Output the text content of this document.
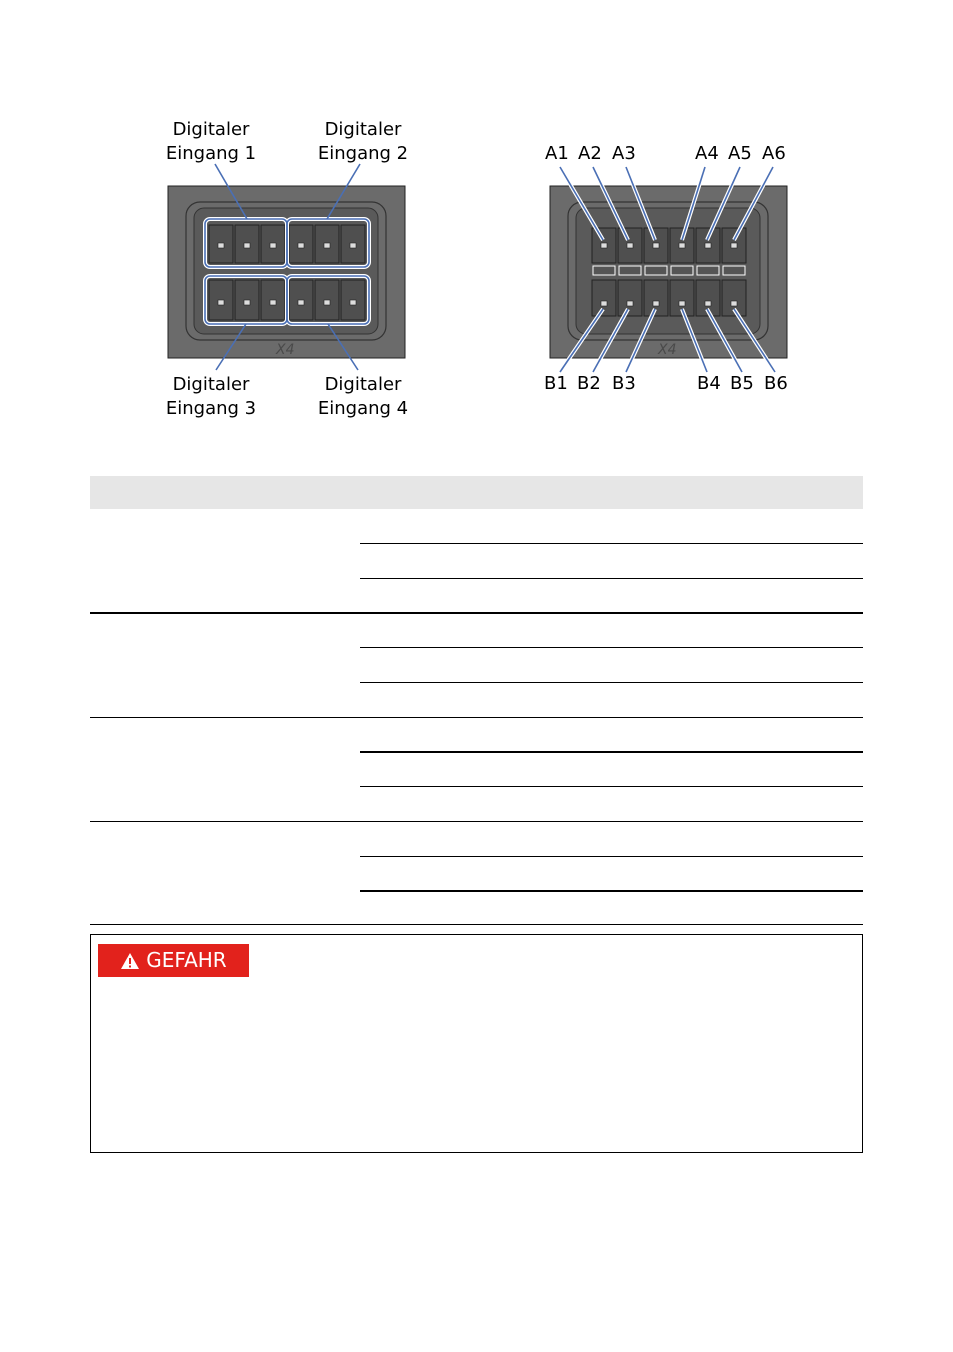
Digitaler
Eingang 1
Digitaler
Eingang 2
Digitaler
Eingang 3
Digitaler
Eingang 4
X4
A1 A2 A3	A4 A5 A6
B1 B2 B3	B4 B5 B6
X4
GEFAHR
